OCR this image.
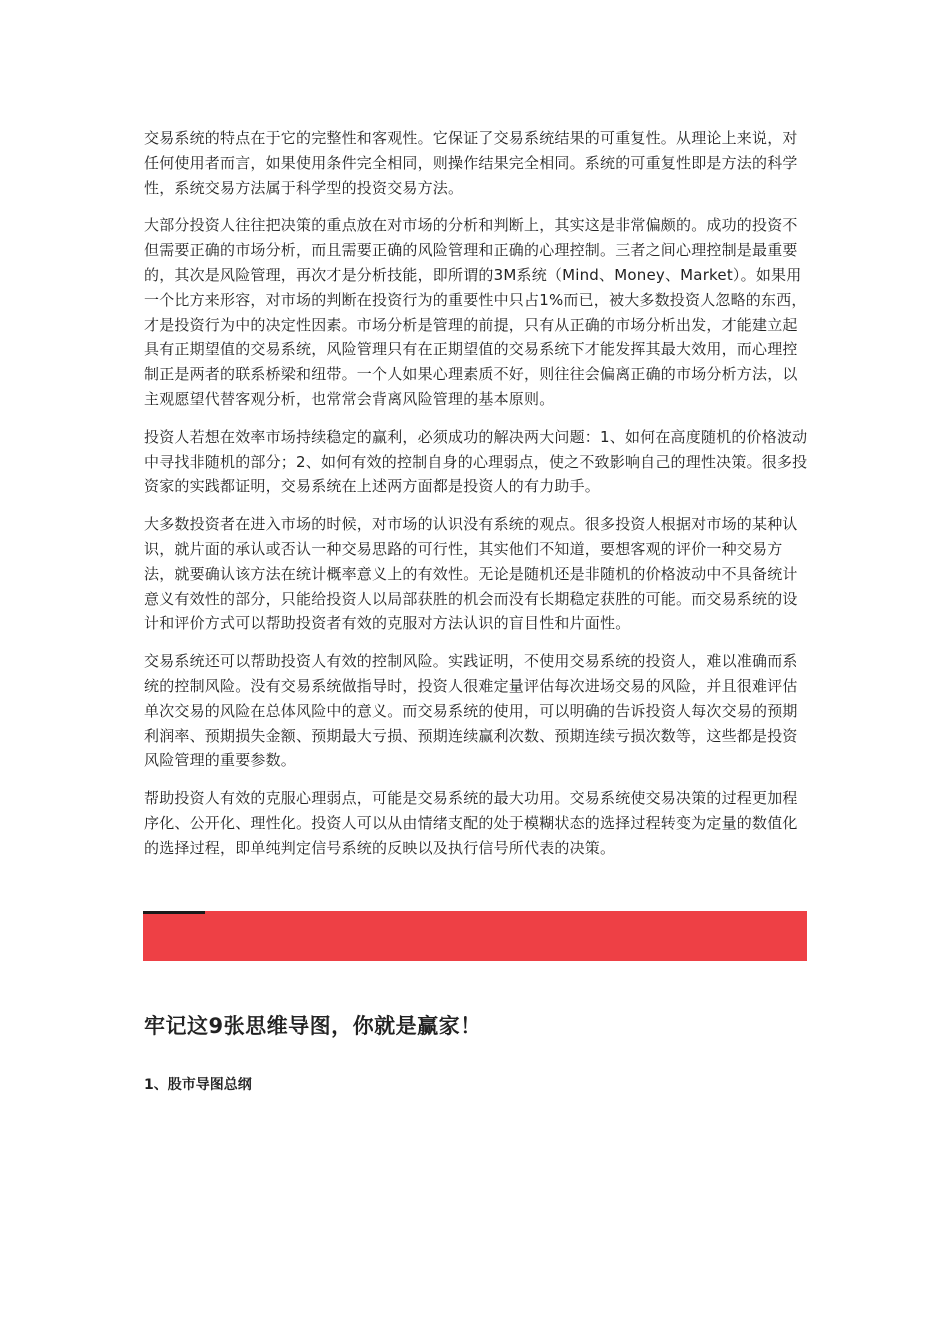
交易系统的特点在于它的完整性和客观性。它保证了交易系统结果的可重复性。从理论上来说，对任何使用者而言，如果使用条件完全相同，则操作结果完全相同。系统的可重复性即是方法的科学性，系统交易方法属于科学型的投资交易方法。

大部分投资人往往把决策的重点放在对市场的分析和判断上，其实这是非常偏颇的。成功的投资不但需要正确的市场分析，而且需要正确的风险管理和正确的心理控制。三者之间心理控制是最重要的，其次是风险管理，再次才是分析技能，即所谓的3M系统（Mind、Money、Market）。如果用一个比方来形容，对市场的判断在投资行为的重要性中只占1%而已，被大多数投资人忽略的东西，才是投资行为中的决定性因素。市场分析是管理的前提，只有从正确的市场分析出发，才能建立起具有正期望值的交易系统，风险管理只有在正期望值的交易系统下才能发挥其最大效用，而心理控制正是两者的联系桥梁和纽带。一个人如果心理素质不好，则往往会偏离正确的市场分析方法，以主观愿望代替客观分析，也常常会背离风险管理的基本原则。

投资人若想在效率市场持续稳定的赢利，必须成功的解决两大问题：1、如何在高度随机的价格波动中寻找非随机的部分；2、如何有效的控制自身的心理弱点，使之不致影响自己的理性决策。很多投资家的实践都证明，交易系统在上述两方面都是投资人的有力助手。

大多数投资者在进入市场的时候，对市场的认识没有系统的观点。很多投资人根据对市场的某种认识，就片面的承认或否认一种交易思路的可行性，其实他们不知道，要想客观的评价一种交易方法，就要确认该方法在统计概率意义上的有效性。无论是随机还是非随机的价格波动中不具备统计意义有效性的部分，只能给投资人以局部获胜的机会而没有长期稳定获胜的可能。而交易系统的设计和评价方式可以帮助投资者有效的克服对方法认识的盲目性和片面性。

交易系统还可以帮助投资人有效的控制风险。实践证明，不使用交易系统的投资人，难以准确而系统的控制风险。没有交易系统做指导时，投资人很难定量评估每次进场交易的风险，并且很难评估单次交易的风险在总体风险中的意义。而交易系统的使用，可以明确的告诉投资人每次交易的预期利润率、预期损失金额、预期最大亏损、预期连续赢利次数、预期连续亏损次数等，这些都是投资风险管理的重要参数。

帮助投资人有效的克服心理弱点，可能是交易系统的最大功用。交易系统使交易决策的过程更加程序化、公开化、理性化。投资人可以从由情绪支配的处于模糊状态的选择过程转变为定量的数值化的选择过程，即单纯判定信号系统的反映以及执行信号所代表的决策。

牢记这9张思维导图，你就是赢家！
1、股市导图总纲
